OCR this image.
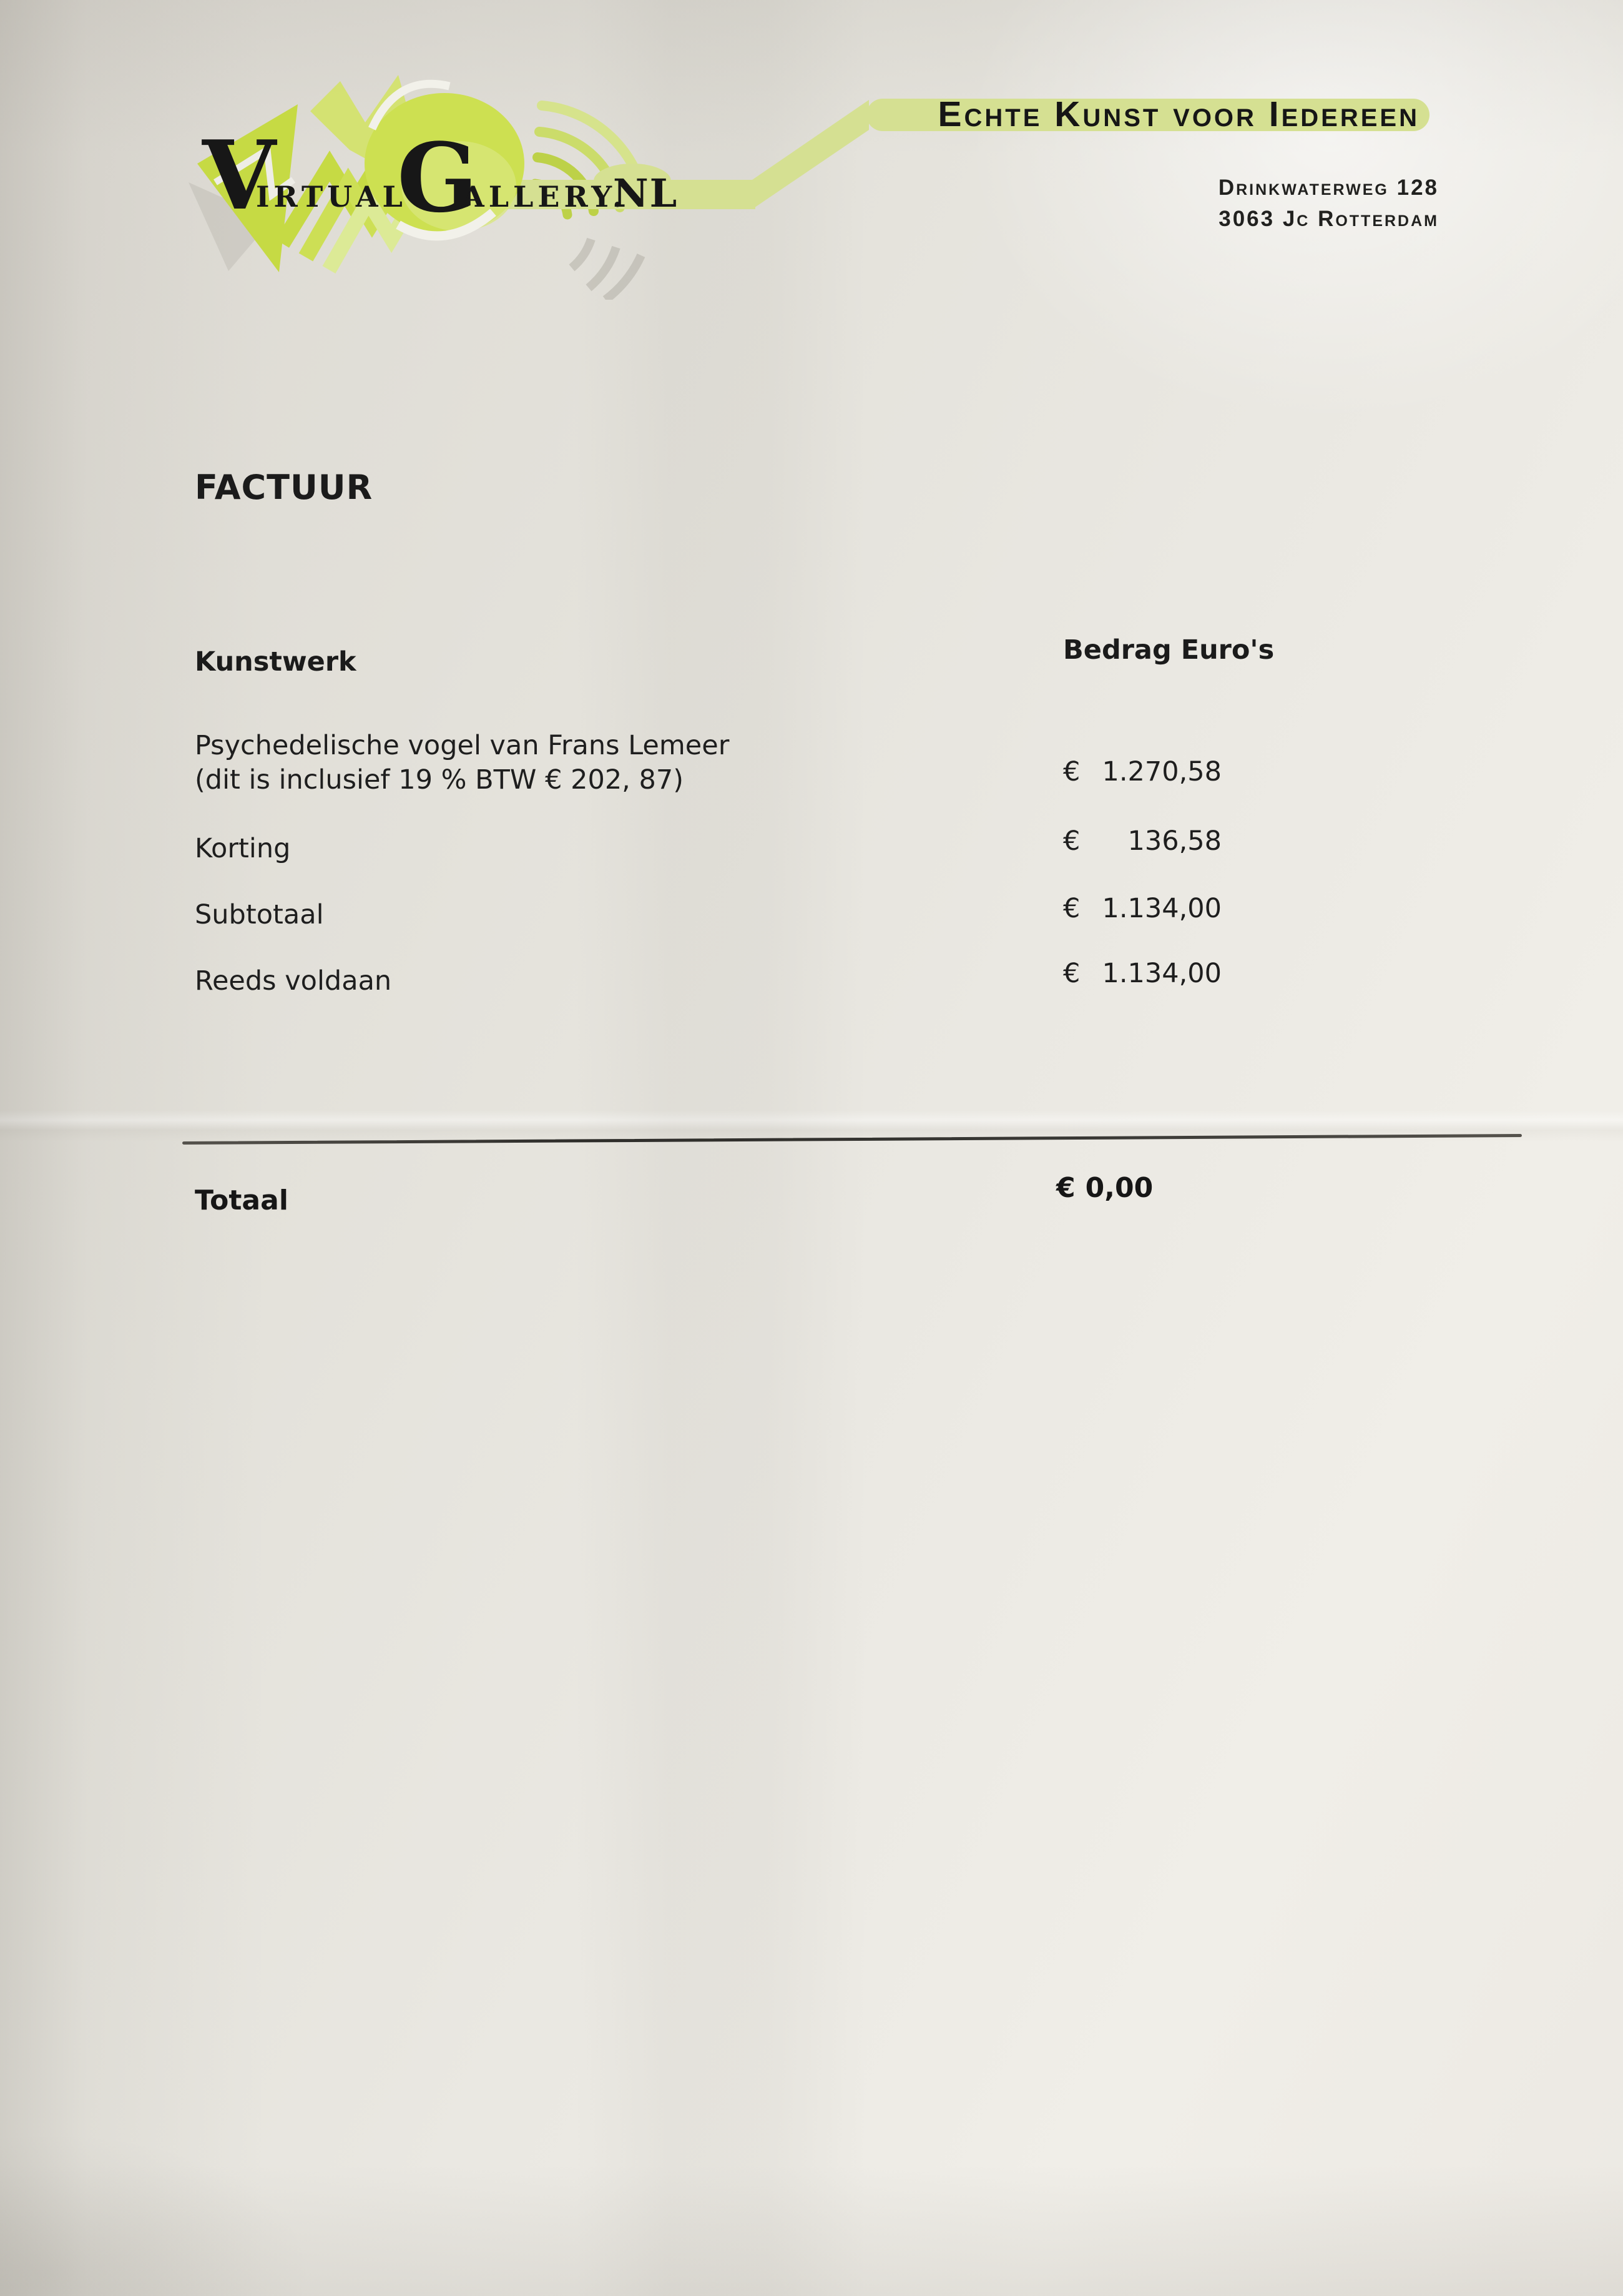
V
IRTUAL
G
ALLERY.
NL
Echte Kunst voor Iedereen
Drinkwaterweg 128
3063 Jc Rotterdam
FACTUUR
Kunstwerk	Bedrag Euro's
Psychedelische vogel van Frans Lemeer
(dit is inclusief 19 % BTW € 202, 87)	€ 1.270,58
Korting	€ 136,58
Subtotaal	€ 1.134,00
Reeds voldaan	€ 1.134,00
Totaal	€ 0,00
